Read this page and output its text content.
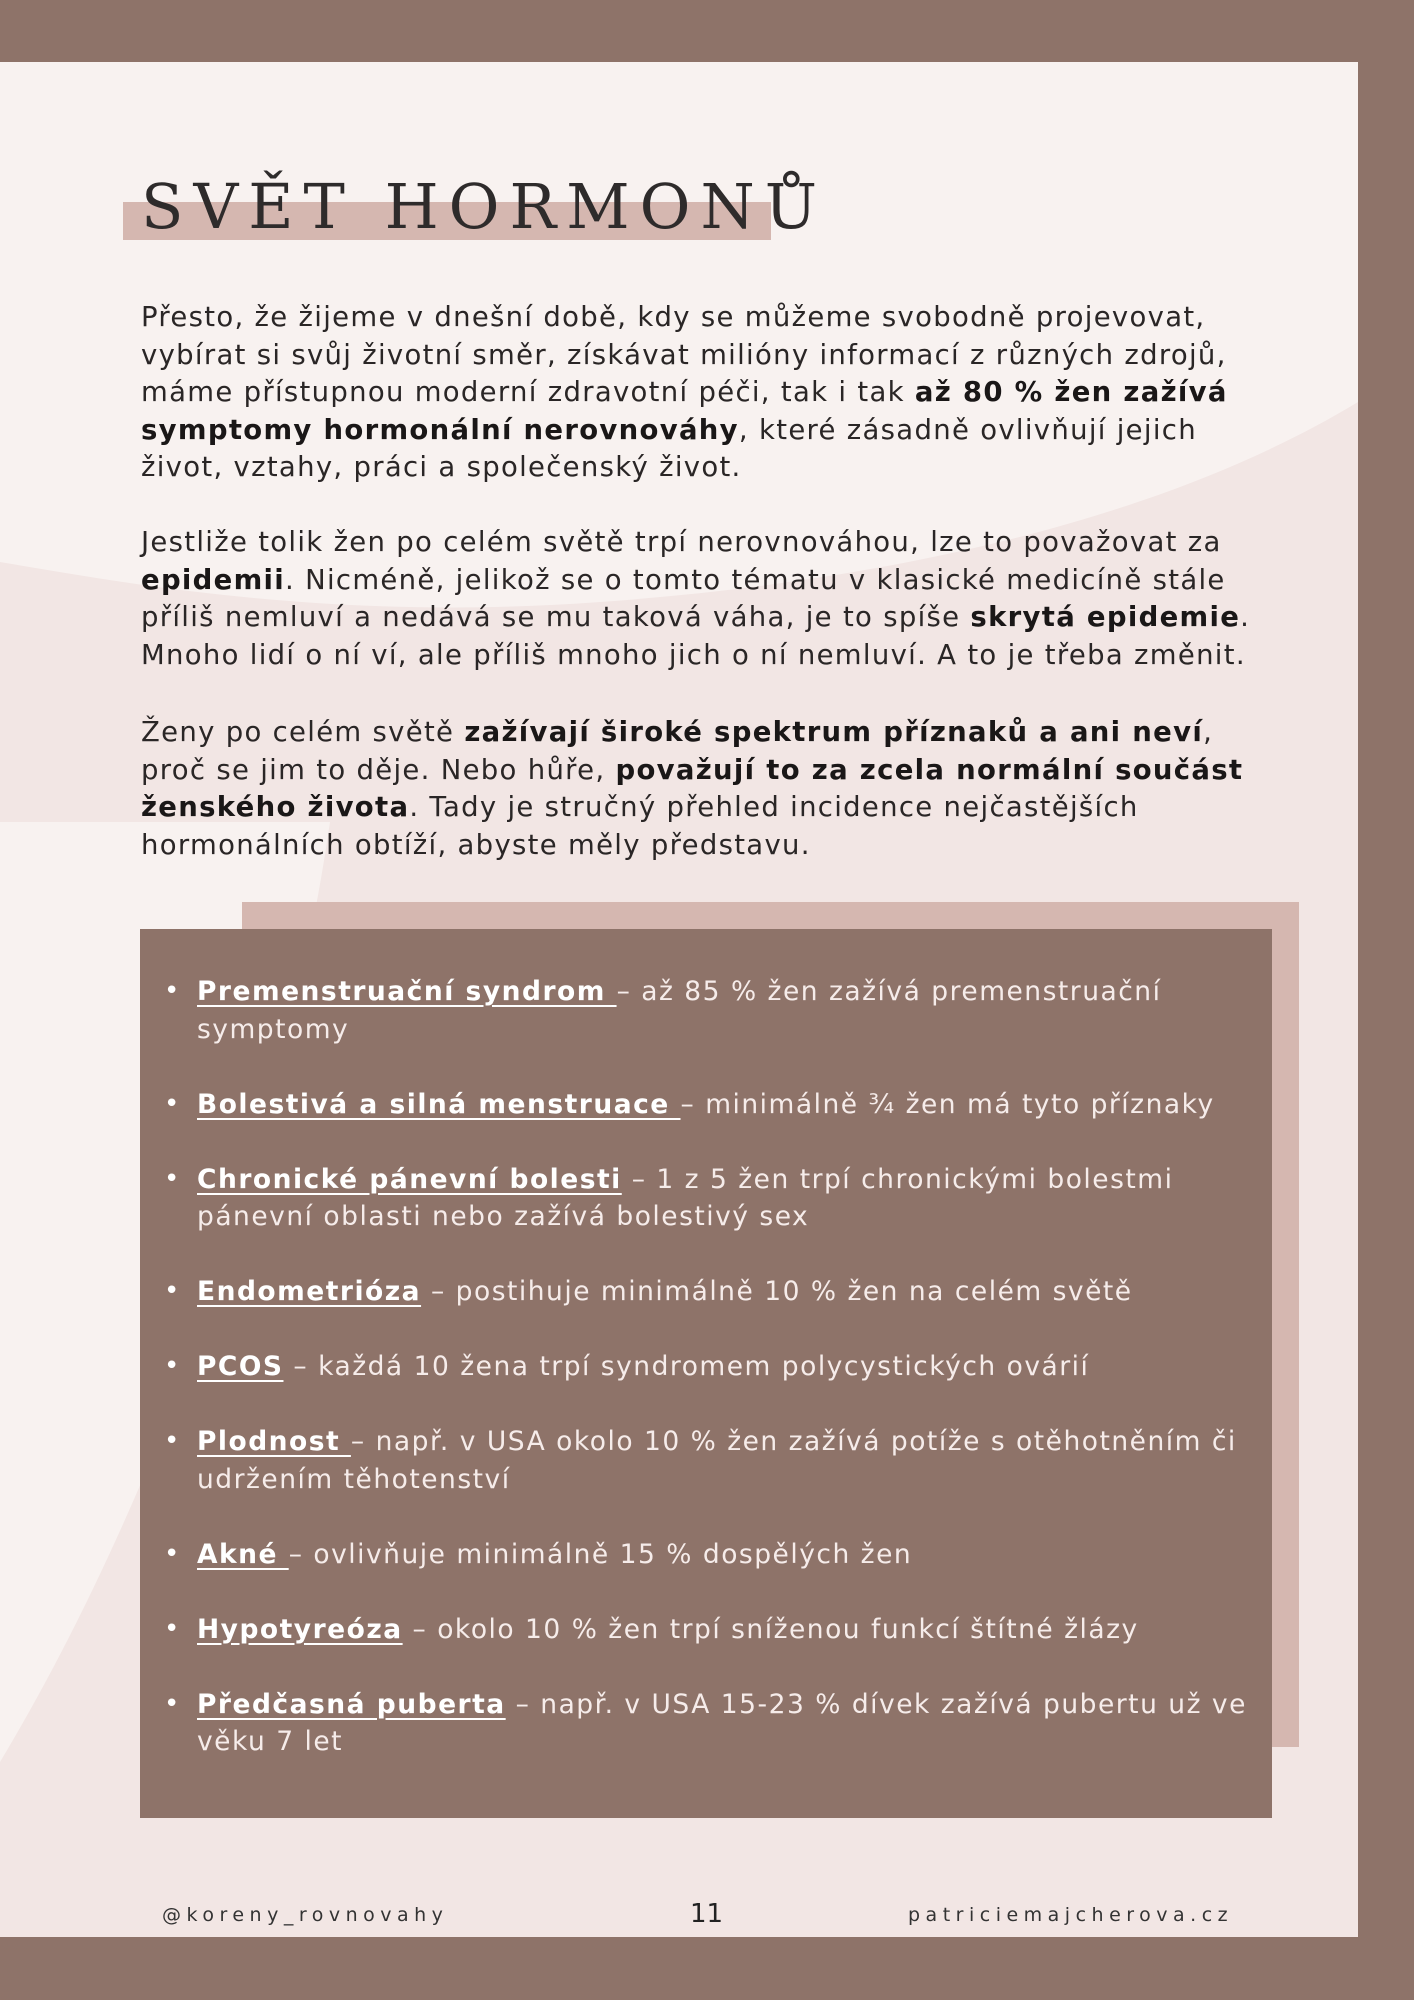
SVĚT HORMONŮ

Přesto, že žijeme v dnešní době, kdy se můžeme svobodně projevovat, vybírat si svůj životní směr, získávat milióny informací z různých zdrojů, máme přístupnou moderní zdravotní péči, tak i tak až 80 % žen zažívá symptomy hormonální nerovnováhy, které zásadně ovlivňují jejich život, vztahy, práci a společenský život.

Jestliže tolik žen po celém světě trpí nerovnováhou, lze to považovat za epidemii. Nicméně, jelikož se o tomto tématu v klasické medicíně stále příliš nemluví a nedává se mu taková váha, je to spíše skrytá epidemie. Mnoho lidí o ní ví, ale příliš mnoho jich o ní nemluví. A to je třeba změnit.

Ženy po celém světě zažívají široké spektrum příznaků a ani neví, proč se jim to děje. Nebo hůře, považují to za zcela normální součást ženského života. Tady je stručný přehled incidence nejčastějších hormonálních obtíží, abyste měly představu.

• Premenstruační syndrom – až 85 % žen zažívá premenstruační symptomy
• Bolestivá a silná menstruace – minimálně ¾ žen má tyto příznaky
• Chronické pánevní bolesti – 1 z 5 žen trpí chronickými bolestmi pánevní oblasti nebo zažívá bolestivý sex
• Endometrióza – postihuje minimálně 10 % žen na celém světě
• PCOS – každá 10 žena trpí syndromem polycystických ovárií
• Plodnost – např. v USA okolo 10 % žen zažívá potíže s otěhotněním či udržením těhotenství
• Akné – ovlivňuje minimálně 15 % dospělých žen
• Hypotyreóza – okolo 10 % žen trpí sníženou funkcí štítné žlázy
• Předčasná puberta – např. v USA 15-23 % dívek zažívá pubertu už ve věku 7 let

@koreny_rovnovahy	11	patriciemajcherova.cz
